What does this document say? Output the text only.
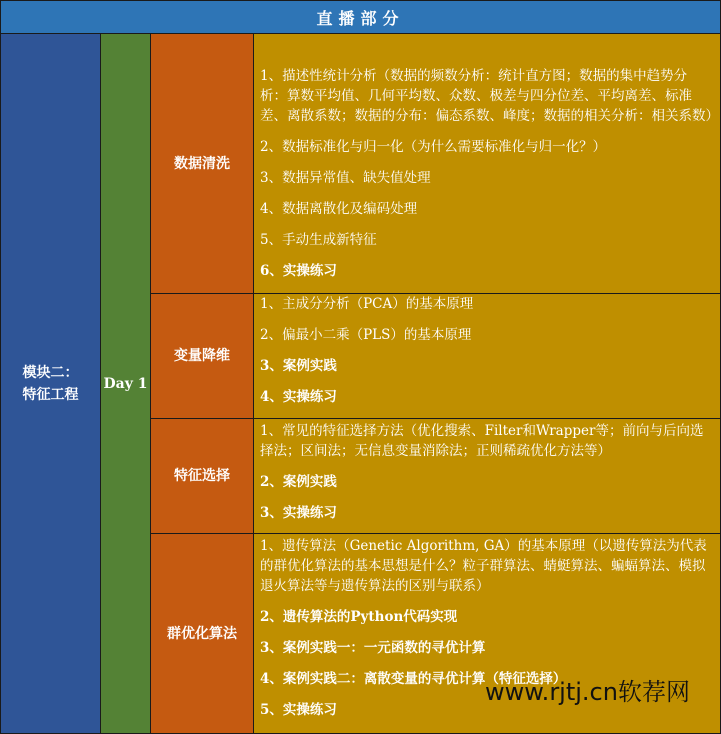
直播部分
模块二：
特征工程
Day 1
数据清洗
1、描述性统计分析（数据的频数分析：统计直方图；数据的集中趋势分析：算数平均值、几何平均数、众数、极差与四分位差、平均离差、标准差、离散系数；数据的分布：偏态系数、峰度；数据的相关分析：相关系数）
2、数据标准化与归一化（为什么需要标准化与归一化？）
3、数据异常值、缺失值处理
4、数据离散化及编码处理
5、手动生成新特征
6、实操练习
变量降维
1、主成分分析（PCA）的基本原理
2、偏最小二乘（PLS）的基本原理
3、案例实践
4、实操练习
特征选择
1、常见的特征选择方法（优化搜索、Filter和Wrapper等；前向与后向选择法；区间法；无信息变量消除法；正则稀疏优化方法等）
2、案例实践
3、实操练习
群优化算法
1、遗传算法（Genetic Algorithm, GA）的基本原理（以遗传算法为代表的群优化算法的基本思想是什么？粒子群算法、蜻蜓算法、蝙蝠算法、模拟退火算法等与遗传算法的区别与联系）
2、遗传算法的Python代码实现
3、案例实践一：一元函数的寻优计算
4、案例实践二：离散变量的寻优计算（特征选择）
5、实操练习
www.rjtj.cn软荐网
